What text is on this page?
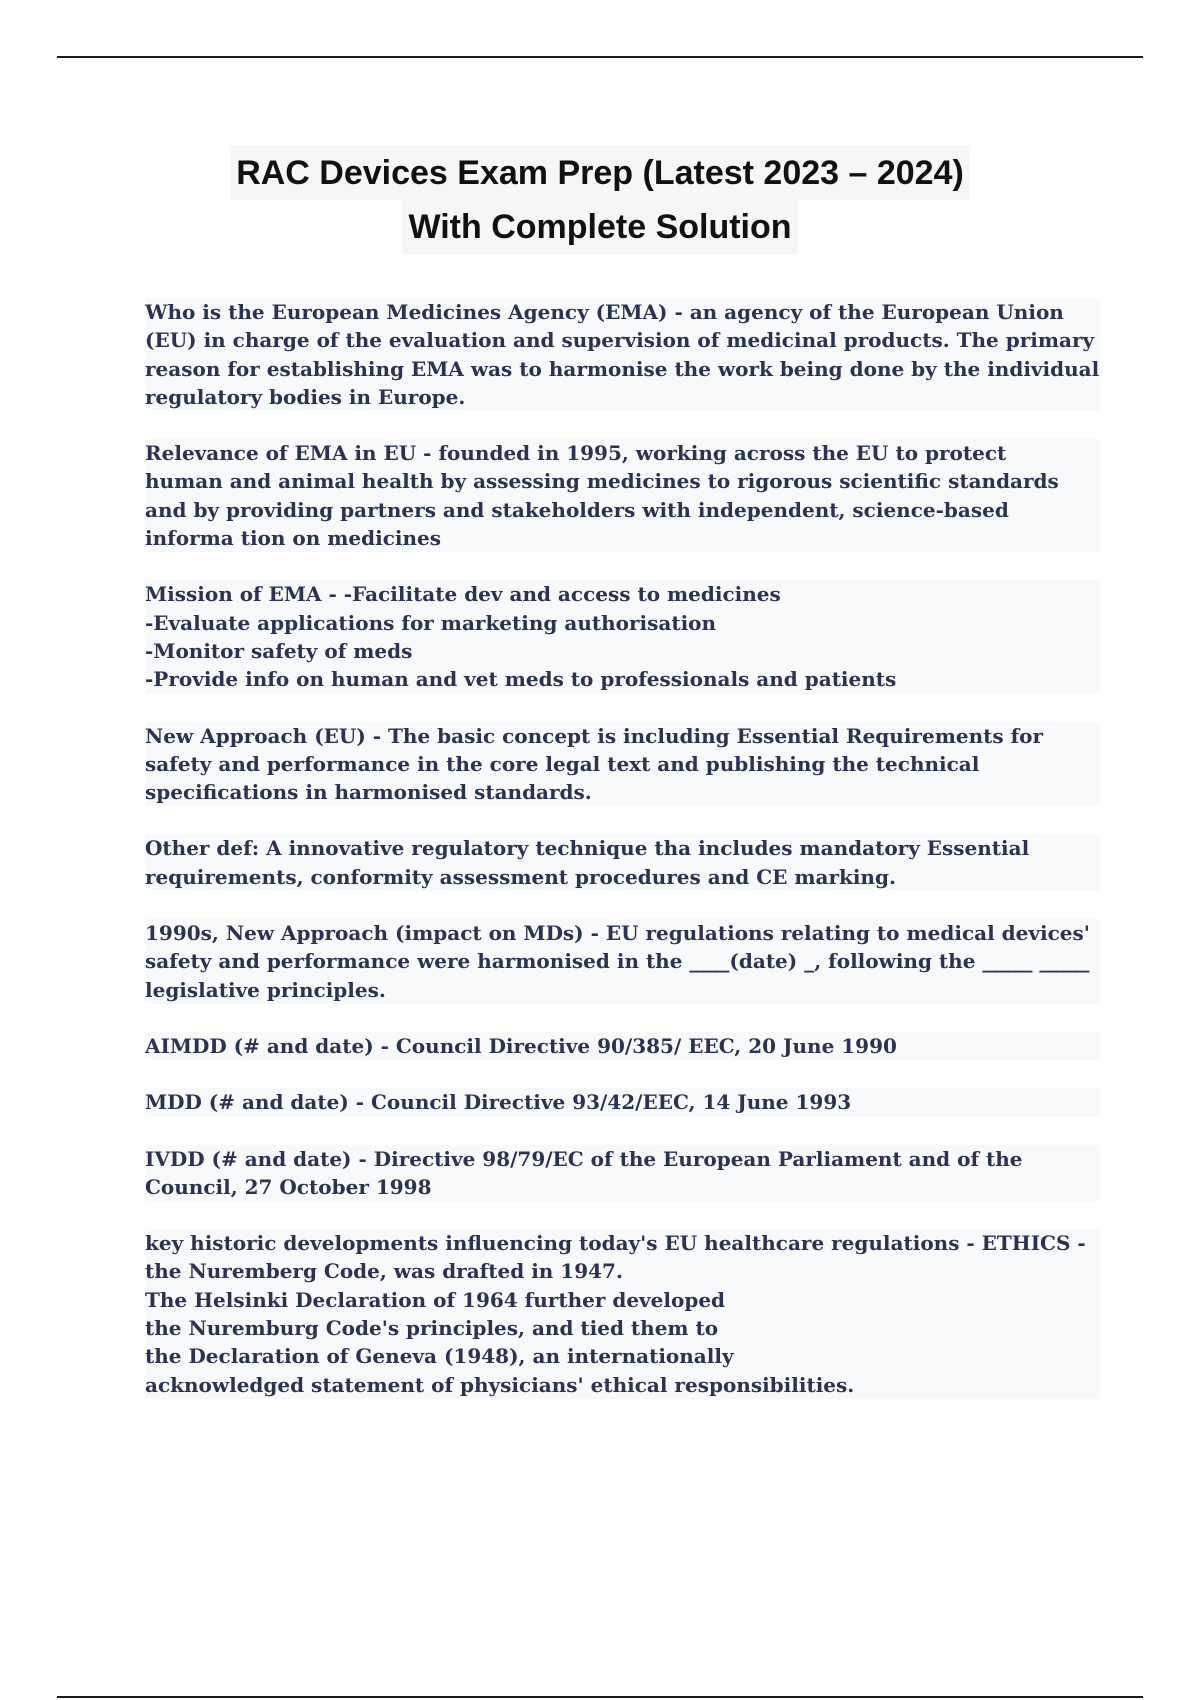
RAC Devices Exam Prep (Latest 2023 – 2024)
With Complete Solution
Who is the European Medicines Agency (EMA) - an agency of the European Union
(EU) in charge of the evaluation and supervision of medicinal products. The primary
reason for establishing EMA was to harmonise the work being done by the individual
regulatory bodies in Europe.
Relevance of EMA in EU - founded in 1995, working across the EU to protect
human and animal health by assessing medicines to rigorous scientific standards
and by providing partners and stakeholders with independent, science-based
informa tion on medicines
Mission of EMA - -Facilitate dev and access to medicines
-Evaluate applications for marketing authorisation
-Monitor safety of meds
-Provide info on human and vet meds to professionals and patients
New Approach (EU) - The basic concept is including Essential Requirements for
safety and performance in the core legal text and publishing the technical
specifications in harmonised standards.
Other def: A innovative regulatory technique tha includes mandatory Essential
requirements, conformity assessment procedures and CE marking.
1990s, New Approach (impact on MDs) - EU regulations relating to medical devices'
safety and performance were harmonised in the ____(date) _, following the _____ _____
legislative principles.
AIMDD (# and date) - Council Directive 90/385/ EEC, 20 June 1990
MDD (# and date) - Council Directive 93/42/EEC, 14 June 1993
IVDD (# and date) - Directive 98/79/EC of the European Parliament and of the
Council, 27 October 1998
key historic developments influencing today's EU healthcare regulations - ETHICS -
the Nuremberg Code, was drafted in 1947.
The Helsinki Declaration of 1964 further developed
the Nuremburg Code's principles, and tied them to
the Declaration of Geneva (1948), an internationally
acknowledged statement of physicians' ethical responsibilities.
